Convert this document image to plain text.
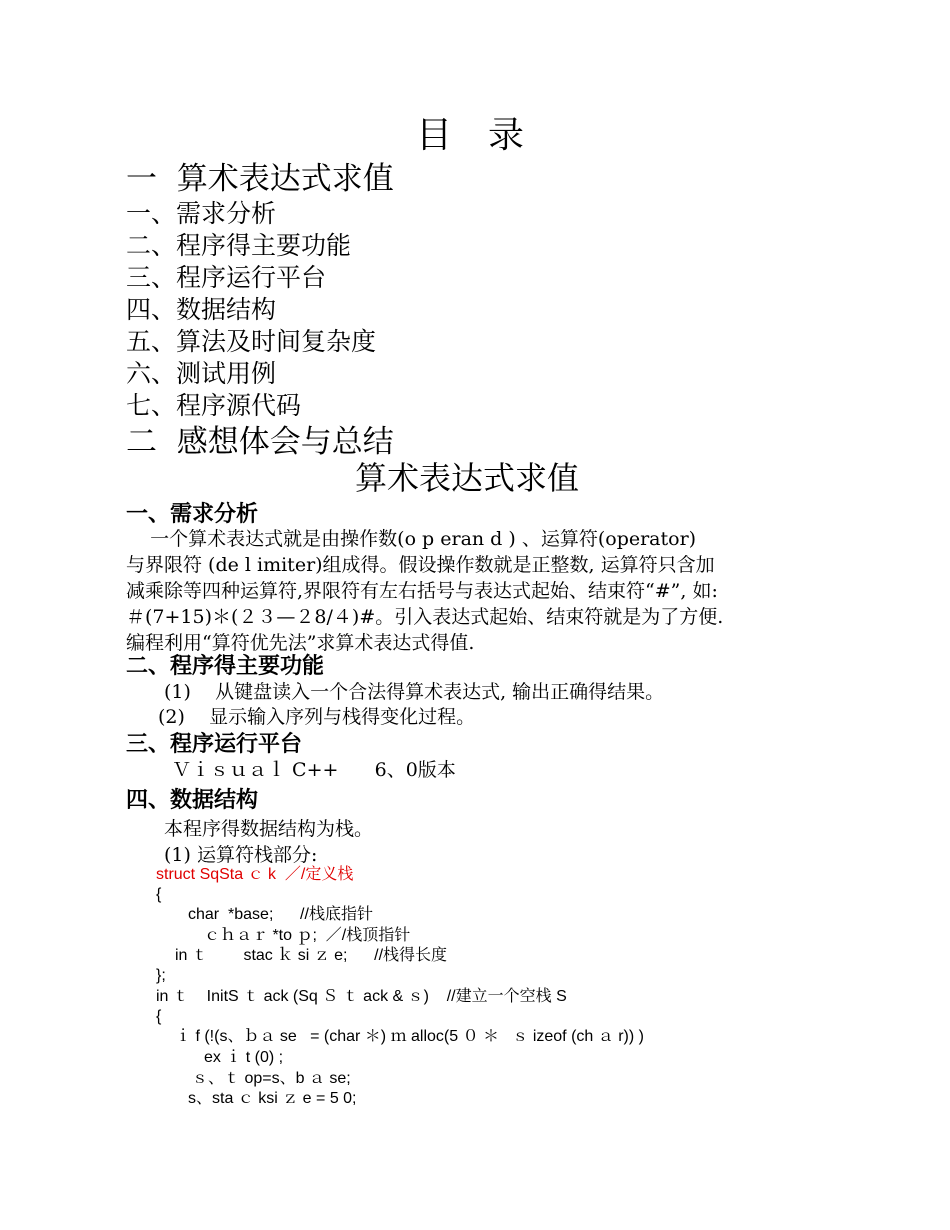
目　录
一  算术表达式求值
一、需求分析
二、程序得主要功能
三、程序运行平台
四、数据结构
五、算法及时间复杂度
六、测试用例
七、程序源代码
二  感想体会与总结
算术表达式求值
一、需求分析
一个算术表达式就是由操作数(o p eran d ) 、运算符(operator)
与界限符 (de l imiter)组成得。假设操作数就是正整数, 运算符只含加
减乘除等四种运算符,界限符有左右括号与表达式起始、结束符“#”, 如:
＃(7+15)＊(２３—２8/４)#。引入表达式起始、结束符就是为了方便.
编程利用“算符优先法”求算术表达式得值.
二、程序得主要功能
(1)    从键盘读入一个合法得算术表达式, 输出正确得结果。
(2)    显示输入序列与栈得变化过程。
三、程序运行平台
Ｖｉｓｕａｌ C++      6、0版本
四、数据结构
本程序得数据结构为栈。
(1) 运算符栈部分:
struct SqSta ｃ k  ／/定义栈
{
char  *base;      //栈底指针
ｃｈａｒ *to ｐ;  ／/栈顶指针
in ｔ        stac ｋ si ｚ e;      //栈得长度
};
in ｔ    InitS ｔ ack (Sq Ｓ ｔ ack & ｓ)    //建立一个空栈 S
{
ｉ f (!(s、ｂａ se   = (char ＊) ｍ alloc(5 ０ ＊   ｓ izeof (ch ａ r)) )
ex ｉ t (0) ;
ｓ、ｔ op=s、b ａ se;
s、sta ｃ ksi ｚ e = 5 0;
